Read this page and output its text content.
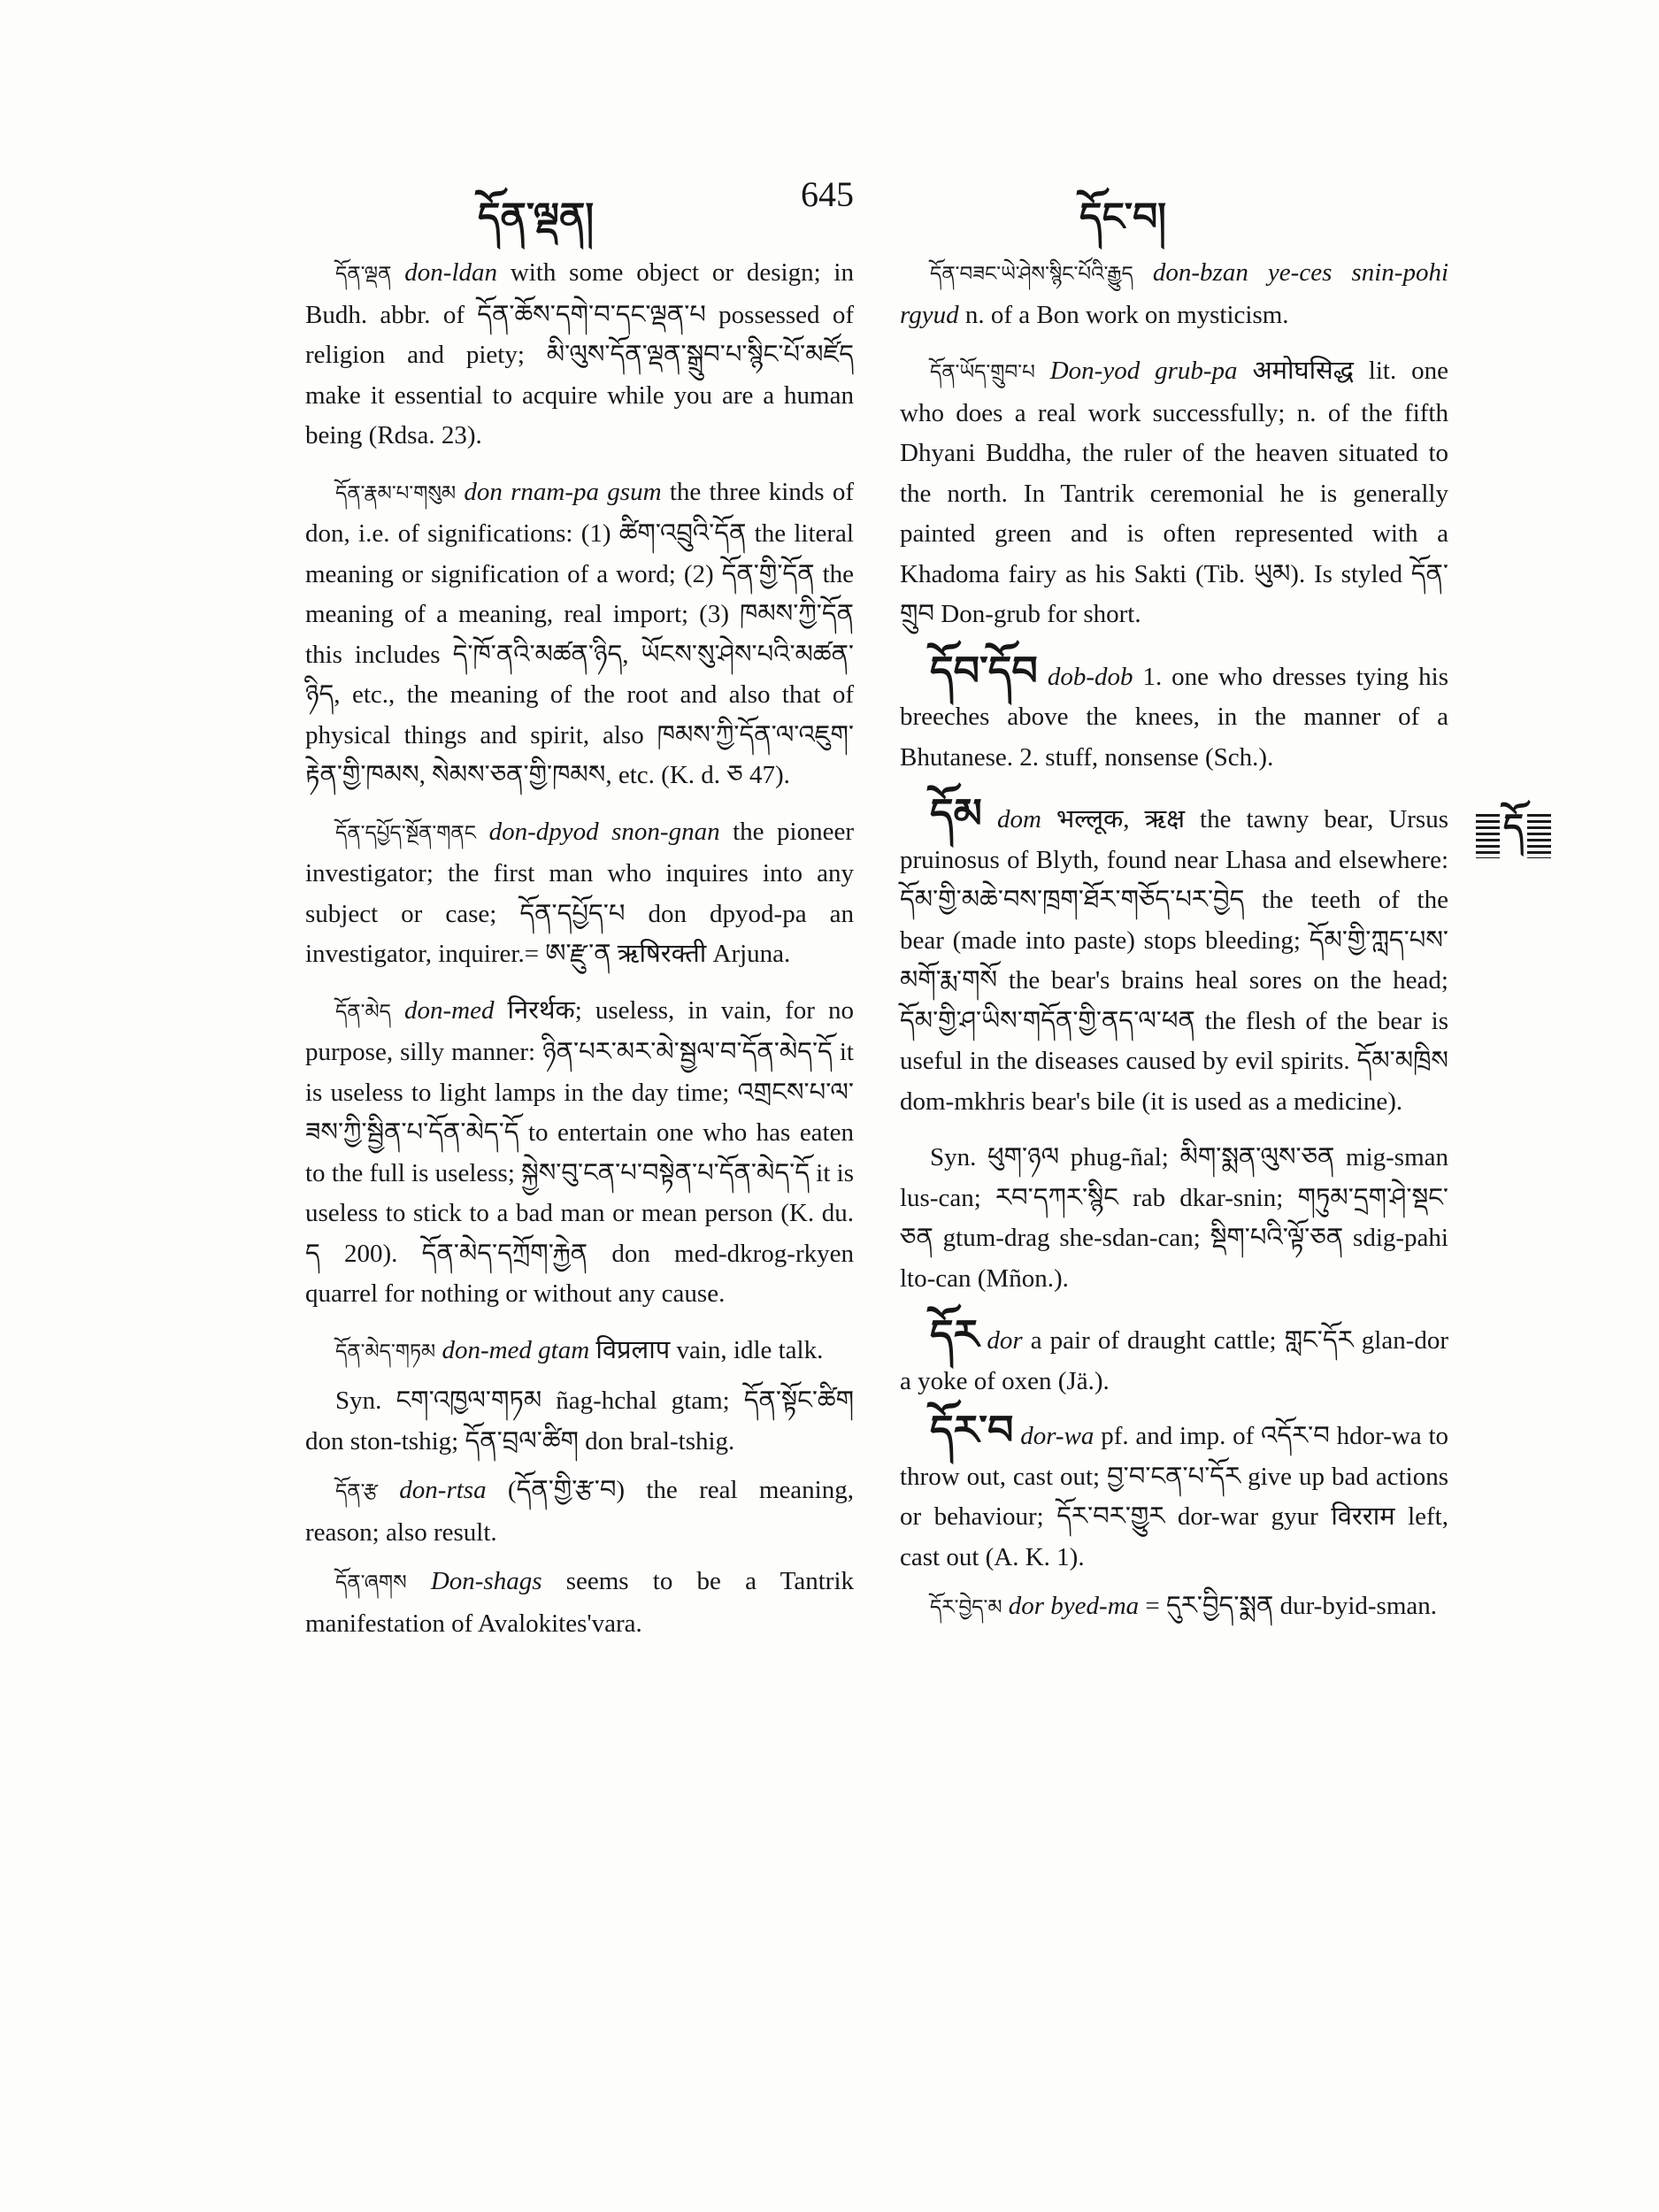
དོན་ལྡན།
645
དོང་བ།

དོན་ལྡན don-ldan with some object or design; in Budh. abbr. of དོན་ཆོས་དགེ་བ་དང་ལྡན་པ possessed of religion and piety; མི་ལུས་དོན་ལྡན་སྒྲུབ་པ་སྙིང་པོ་མཛོད make it essential to acquire while you are a human being (Rdsa. 23).

དོན་རྣམ་པ་གསུམ don rnam-pa gsum the three kinds of don, i.e. of significations: (1) ཚིག་འབྲུའི་དོན the literal meaning or signification of a word; (2) དོན་གྱི་དོན the meaning of a meaning, real import; (3) ཁམས་ཀྱི་དོན this includes དེ་ཁོ་ནའི་མཚན་ཉིད, ཡོངས་སུ་ཤེས་པའི་མཚན་ཉིད, etc., the meaning of the root and also that of physical things and spirit, also ཁམས་ཀྱི་དོན་ལ་འཇུག་རྟེན་གྱི་ཁམས, སེམས་ཅན་གྱི་ཁམས, etc. (K. d. ཅ 47).

དོན་དཔྱོད་སྔོན་གནང don-dpyod snon-gnan the pioneer investigator; the first man who inquires into any subject or case; དོན་དཔྱོད་པ don dpyod-pa an investigator, inquirer.= ཨ་རྫུ་ན ऋषिरक्ती Arjuna.

དོན་མེད don-med निरर्थक; useless, in vain, for no purpose, silly manner: ཉིན་པར་མར་མེ་སྦྱལ་བ་དོན་མེད་དོ it is useless to light lamps in the day time; འགྲངས་པ་ལ་ཟས་ཀྱི་སྦྱིན་པ་དོན་མེད་དོ to entertain one who has eaten to the full is useless; སྐྱེས་བུ་ངན་པ་བསྟེན་པ་དོན་མེད་དོ it is useless to stick to a bad man or mean person (K. du. ད 200). དོན་མེད་དཀྲོག་རྐྱེན don med-dkrog-rkyen quarrel for nothing or without any cause.

དོན་མེད་གཏམ don-med gtam विप्रलाप vain, idle talk.

Syn. ངག་འཁྱལ་གཏམ ñag-hchal gtam; དོན་སྟོང་ཚིག don ston-tshig; དོན་བྲལ་ཚིག don bral-tshig.

དོན་རྩ don-rtsa (དོན་གྱི་རྩ་བ) the real meaning, reason; also result.

དོན་ཞགས Don-shags seems to be a Tantrik manifestation of Avalokites'vara.

དོན་བཟང་ཡེ་ཤེས་སྙིང་པོའི་རྒྱུད don-bzan ye-ces snin-pohi rgyud n. of a Bon work on mysticism.

དོན་ཡོད་གྲུབ་པ Don-yod grub-pa अमोघसिद्ध lit. one who does a real work successfully; n. of the fifth Dhyani Buddha, the ruler of the heaven situated to the north. In Tantrik ceremonial he is generally painted green and is often represented with a Khadoma fairy as his Sakti (Tib. ཡུམ). Is styled དོན་གྲུབ Don-grub for short.

དོབ་དོབ dob-dob 1. one who dresses tying his breeches above the knees, in the manner of a Bhutanese. 2. stuff, nonsense (Sch.).

དོམ dom भल्लूक, ऋक्ष the tawny bear, Ursus pruinosus of Blyth, found near Lhasa and elsewhere: དོམ་གྱི་མཆེ་བས་ཁྲག་ཐོར་གཅོད་པར་བྱེད the teeth of the bear (made into paste) stops bleeding; དོམ་གྱི་ཀླད་པས་མགོ་རྨ་གསོ the bear's brains heal sores on the head; དོམ་གྱི་ཤ་ཡིས་གདོན་གྱི་ནད་ལ་ཕན the flesh of the bear is useful in the diseases caused by evil spirits. དོམ་མཁྲིས dom-mkhris bear's bile (it is used as a medicine).

Syn. ཕུག་ཉལ phug-ñal; མིག་སྨན་ལུས་ཅན mig-sman lus-can; རབ་དཀར་སྙིང rab dkar-snin; གཏུམ་དྲག་ཤེ་སྡང་ཅན gtum-drag she-sdan-can; སྡིག་པའི་ལྟོ་ཅན sdig-pahi lto-can (Mñon.).

དོར dor a pair of draught cattle; གླང་དོར glan-dor a yoke of oxen (Jä.).

དོར་བ dor-wa pf. and imp. of འདོར་བ hdor-wa to throw out, cast out; བྱ་བ་ངན་པ་དོར give up bad actions or behaviour; དོར་བར་གྱུར dor-war gyur विरराम left, cast out (A. K. 1).

དོར་བྱེད་མ dor byed-ma = དུར་བྱིད་སྨན dur-byid-sman.

དོ
